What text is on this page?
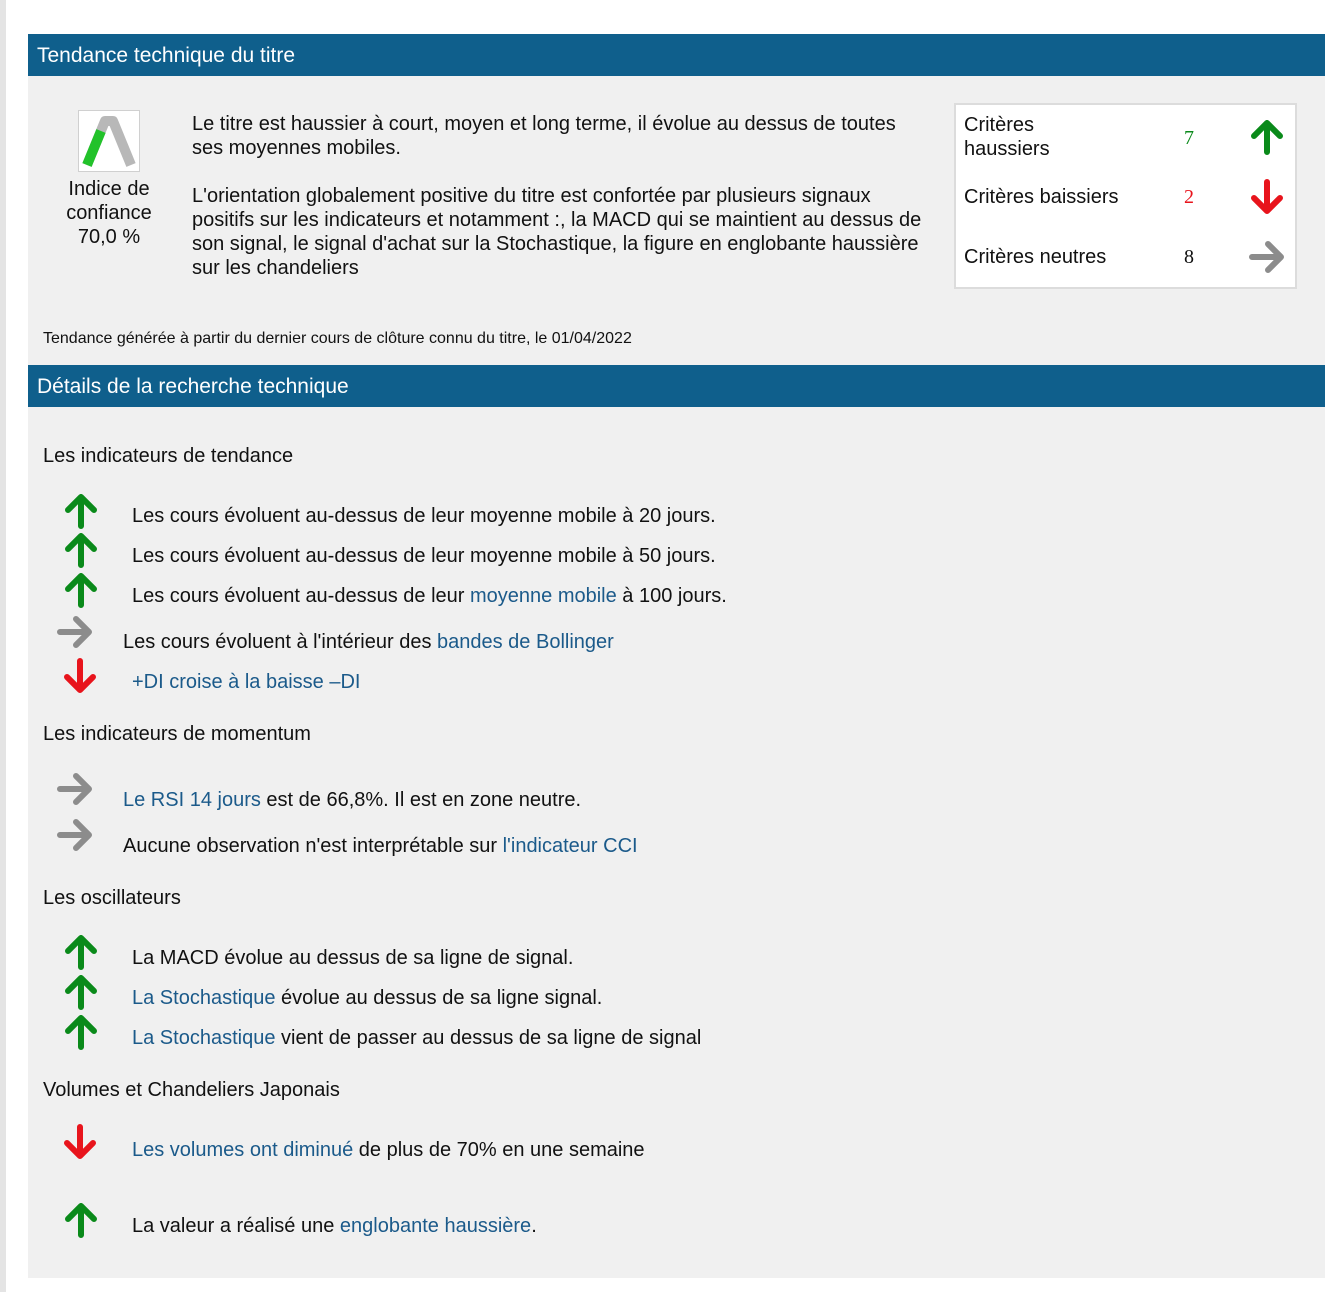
Tendance technique du titre
Indice de
confiance
70,0 %
Le titre est haussier à court, moyen et long terme, il évolue au dessus de toutes ses moyennes mobiles.
L'orientation globalement positive du titre est confortée par plusieurs signaux positifs sur les indicateurs et notamment :, la MACD qui se maintient au dessus de son signal, le signal d'achat sur la Stochastique, la figure en englobante haussière sur les chandeliers
Critères
haussiers	7
Critères baissiers	2
Critères neutres	8
Tendance générée à partir du dernier cours de clôture connu du titre, le 01/04/2022
Détails de la recherche technique
Les indicateurs de tendance
Les cours évoluent au-dessus de leur moyenne mobile à 20 jours.
Les cours évoluent au-dessus de leur moyenne mobile à 50 jours.
Les cours évoluent au-dessus de leur moyenne mobile à 100 jours.
Les cours évoluent à l'intérieur des bandes de Bollinger
+DI croise à la baisse –DI
Les indicateurs de momentum
Le RSI 14 jours est de 66,8%. Il est en zone neutre.
Aucune observation n'est interprétable sur l'indicateur CCI
Les oscillateurs
La MACD évolue au dessus de sa ligne de signal.
La Stochastique évolue au dessus de sa ligne signal.
La Stochastique vient de passer au dessus de sa ligne de signal
Volumes et Chandeliers Japonais
Les volumes ont diminué de plus de 70% en une semaine
La valeur a réalisé une englobante haussière.
